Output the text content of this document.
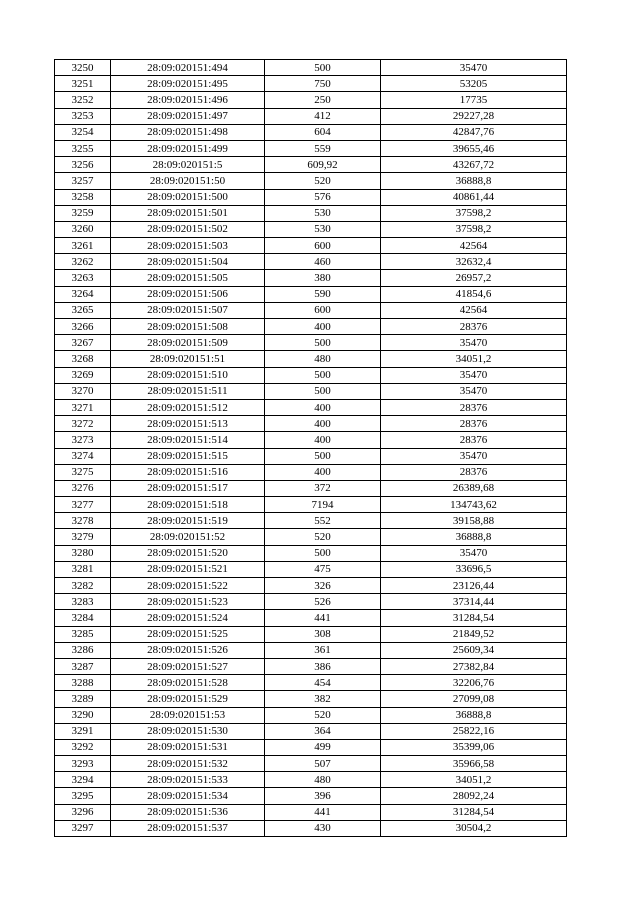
3250	28:09:020151:494	500	35470
3251	28:09:020151:495	750	53205
3252	28:09:020151:496	250	17735
3253	28:09:020151:497	412	29227,28
3254	28:09:020151:498	604	42847,76
3255	28:09:020151:499	559	39655,46
3256	28:09:020151:5	609,92	43267,72
3257	28:09:020151:50	520	36888,8
3258	28:09:020151:500	576	40861,44
3259	28:09:020151:501	530	37598,2
3260	28:09:020151:502	530	37598,2
3261	28:09:020151:503	600	42564
3262	28:09:020151:504	460	32632,4
3263	28:09:020151:505	380	26957,2
3264	28:09:020151:506	590	41854,6
3265	28:09:020151:507	600	42564
3266	28:09:020151:508	400	28376
3267	28:09:020151:509	500	35470
3268	28:09:020151:51	480	34051,2
3269	28:09:020151:510	500	35470
3270	28:09:020151:511	500	35470
3271	28:09:020151:512	400	28376
3272	28:09:020151:513	400	28376
3273	28:09:020151:514	400	28376
3274	28:09:020151:515	500	35470
3275	28:09:020151:516	400	28376
3276	28:09:020151:517	372	26389,68
3277	28:09:020151:518	7194	134743,62
3278	28:09:020151:519	552	39158,88
3279	28:09:020151:52	520	36888,8
3280	28:09:020151:520	500	35470
3281	28:09:020151:521	475	33696,5
3282	28:09:020151:522	326	23126,44
3283	28:09:020151:523	526	37314,44
3284	28:09:020151:524	441	31284,54
3285	28:09:020151:525	308	21849,52
3286	28:09:020151:526	361	25609,34
3287	28:09:020151:527	386	27382,84
3288	28:09:020151:528	454	32206,76
3289	28:09:020151:529	382	27099,08
3290	28:09:020151:53	520	36888,8
3291	28:09:020151:530	364	25822,16
3292	28:09:020151:531	499	35399,06
3293	28:09:020151:532	507	35966,58
3294	28:09:020151:533	480	34051,2
3295	28:09:020151:534	396	28092,24
3296	28:09:020151:536	441	31284,54
3297	28:09:020151:537	430	30504,2
